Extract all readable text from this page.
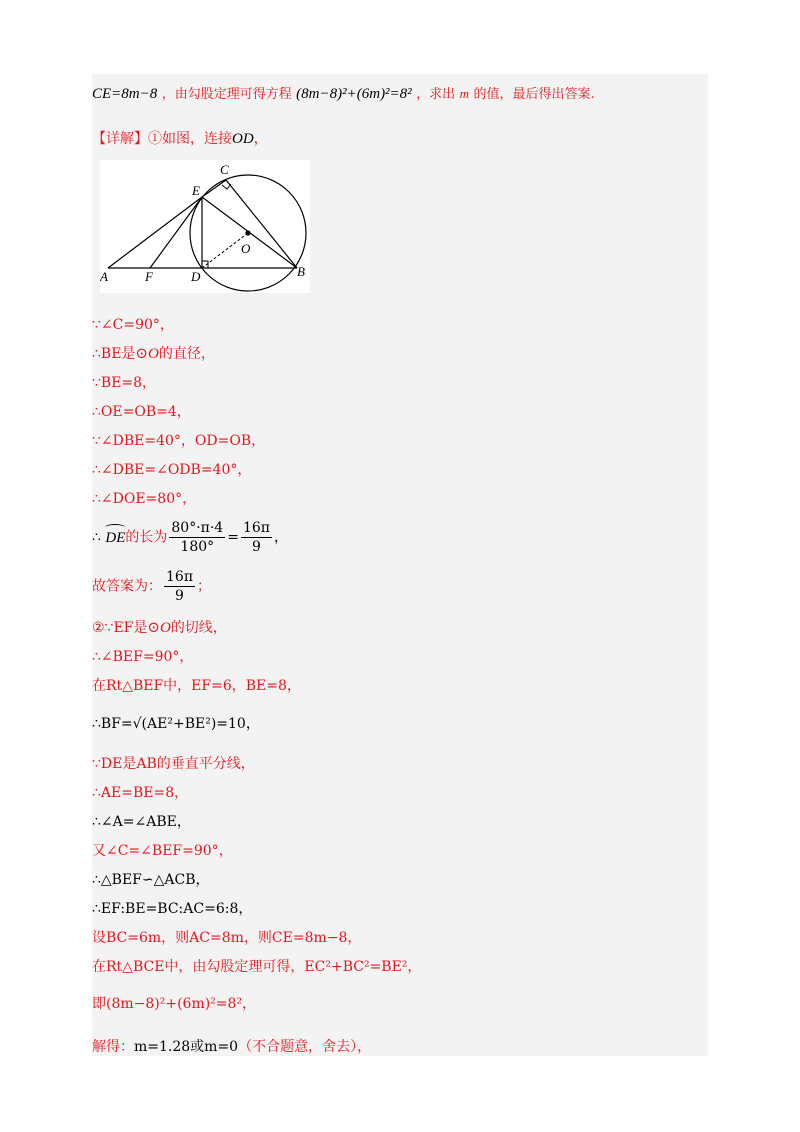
CE=8m−8 ，由勾股定理可得方程 (8m−8)²+(6m)²=8² ，求出 m 的值，最后得出答案.
【详解】①如图，连接OD，
A	F	D	B
E
C
O
∵∠C=90°，
∴BE是⊙O的直径，
∵BE=8，
∴OE=OB=4，
∵∠DBE=40°，OD=OB，
∴∠DBE=∠ODB=40°，
∴∠DOE=80°，
∴ DE的长为 $\frac{80^\circ\cdot\pi\cdot 4}{180^\circ} = \frac{16\pi}{9}$ ，
故答案为： $\frac{16\pi}{9}$ ；
②∵EF是⊙O的切线，
∴∠BEF=90°，
在Rt△BEF中，EF=6，BE=8，
∴BF=√(AE²+BE²)=10，
∵DE是AB的垂直平分线，
∴AE=BE=8，
∴∠A=∠ABE，
又∠C=∠BEF=90°，
∴△BEF∽△ACB，
∴EF:BE=BC:AC=6:8，
设BC=6m，则AC=8m，则CE=8m−8，
在Rt△BCE中，由勾股定理可得，EC²+BC²=BE²，
即(8m−8)²+(6m)²=8²，
解得：m=1.28或m=0（不合题意，舍去），
